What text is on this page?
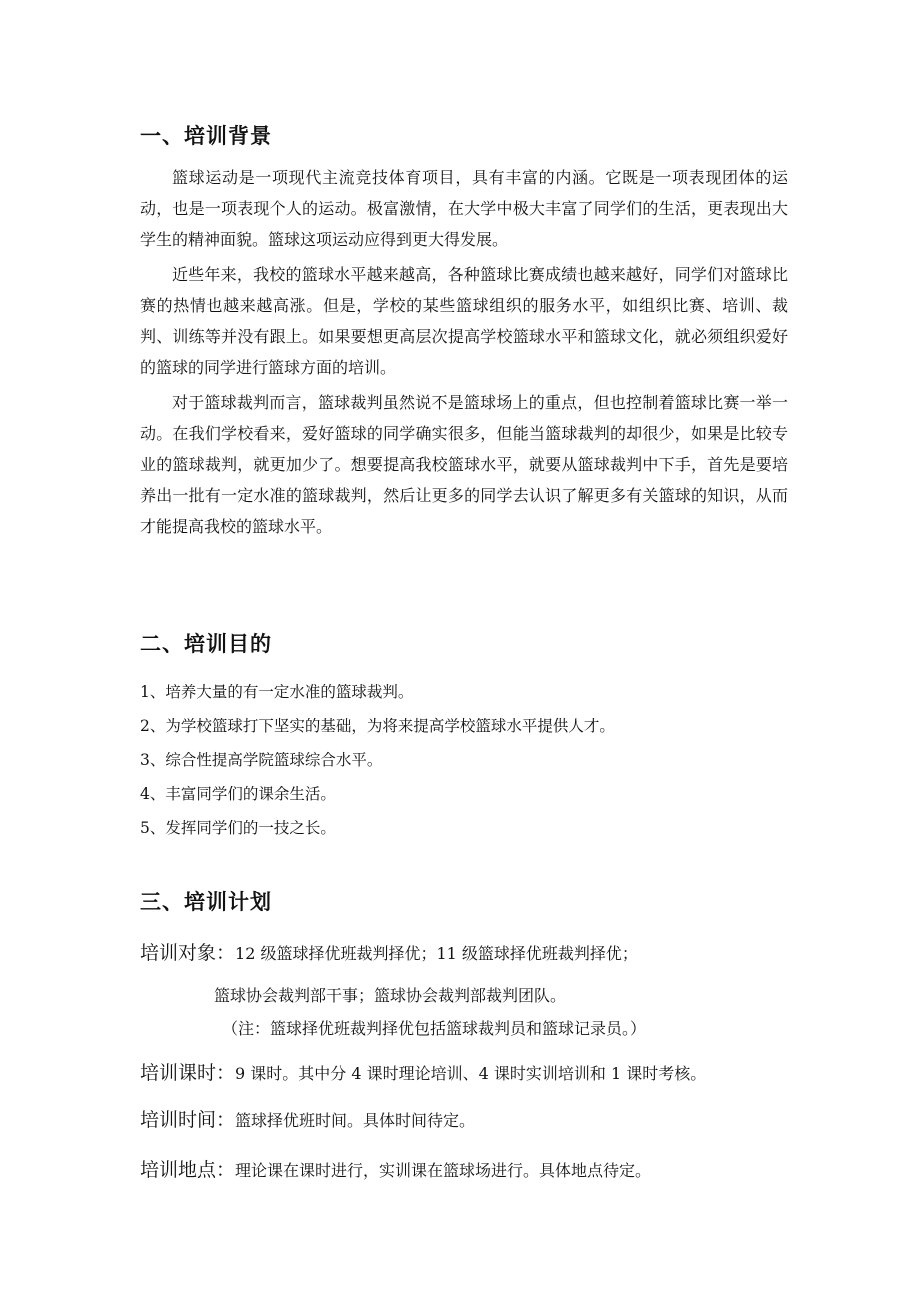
一、培训背景

篮球运动是一项现代主流竞技体育项目，具有丰富的内涵。它既是一项表现团体的运动，也是一项表现个人的运动。极富激情，在大学中极大丰富了同学们的生活，更表现出大学生的精神面貌。篮球这项运动应得到更大得发展。

近些年来，我校的篮球水平越来越高，各种篮球比赛成绩也越来越好，同学们对篮球比赛的热情也越来越高涨。但是，学校的某些篮球组织的服务水平，如组织比赛、培训、裁判、训练等并没有跟上。如果要想更高层次提高学校篮球水平和篮球文化，就必须组织爱好的篮球的同学进行篮球方面的培训。

对于篮球裁判而言，篮球裁判虽然说不是篮球场上的重点，但也控制着篮球比赛一举一动。在我们学校看来，爱好篮球的同学确实很多，但能当篮球裁判的却很少，如果是比较专业的篮球裁判，就更加少了。想要提高我校篮球水平，就要从篮球裁判中下手，首先是要培养出一批有一定水准的篮球裁判，然后让更多的同学去认识了解更多有关篮球的知识，从而才能提高我校的篮球水平。

二、培训目的
1、培养大量的有一定水准的篮球裁判。
2、为学校篮球打下坚实的基础，为将来提高学校篮球水平提供人才。
3、综合性提高学院篮球综合水平。
4、丰富同学们的课余生活。
5、发挥同学们的一技之长。
三、培训计划
培训对象：12 级篮球择优班裁判择优；11 级篮球择优班裁判择优；
篮球协会裁判部干事；篮球协会裁判部裁判团队。
（注：篮球择优班裁判择优包括篮球裁判员和篮球记录员。）
培训课时：9 课时。其中分 4 课时理论培训、4 课时实训培训和 1 课时考核。
培训时间：篮球择优班时间。具体时间待定。
培训地点：理论课在课时进行，实训课在篮球场进行。具体地点待定。
